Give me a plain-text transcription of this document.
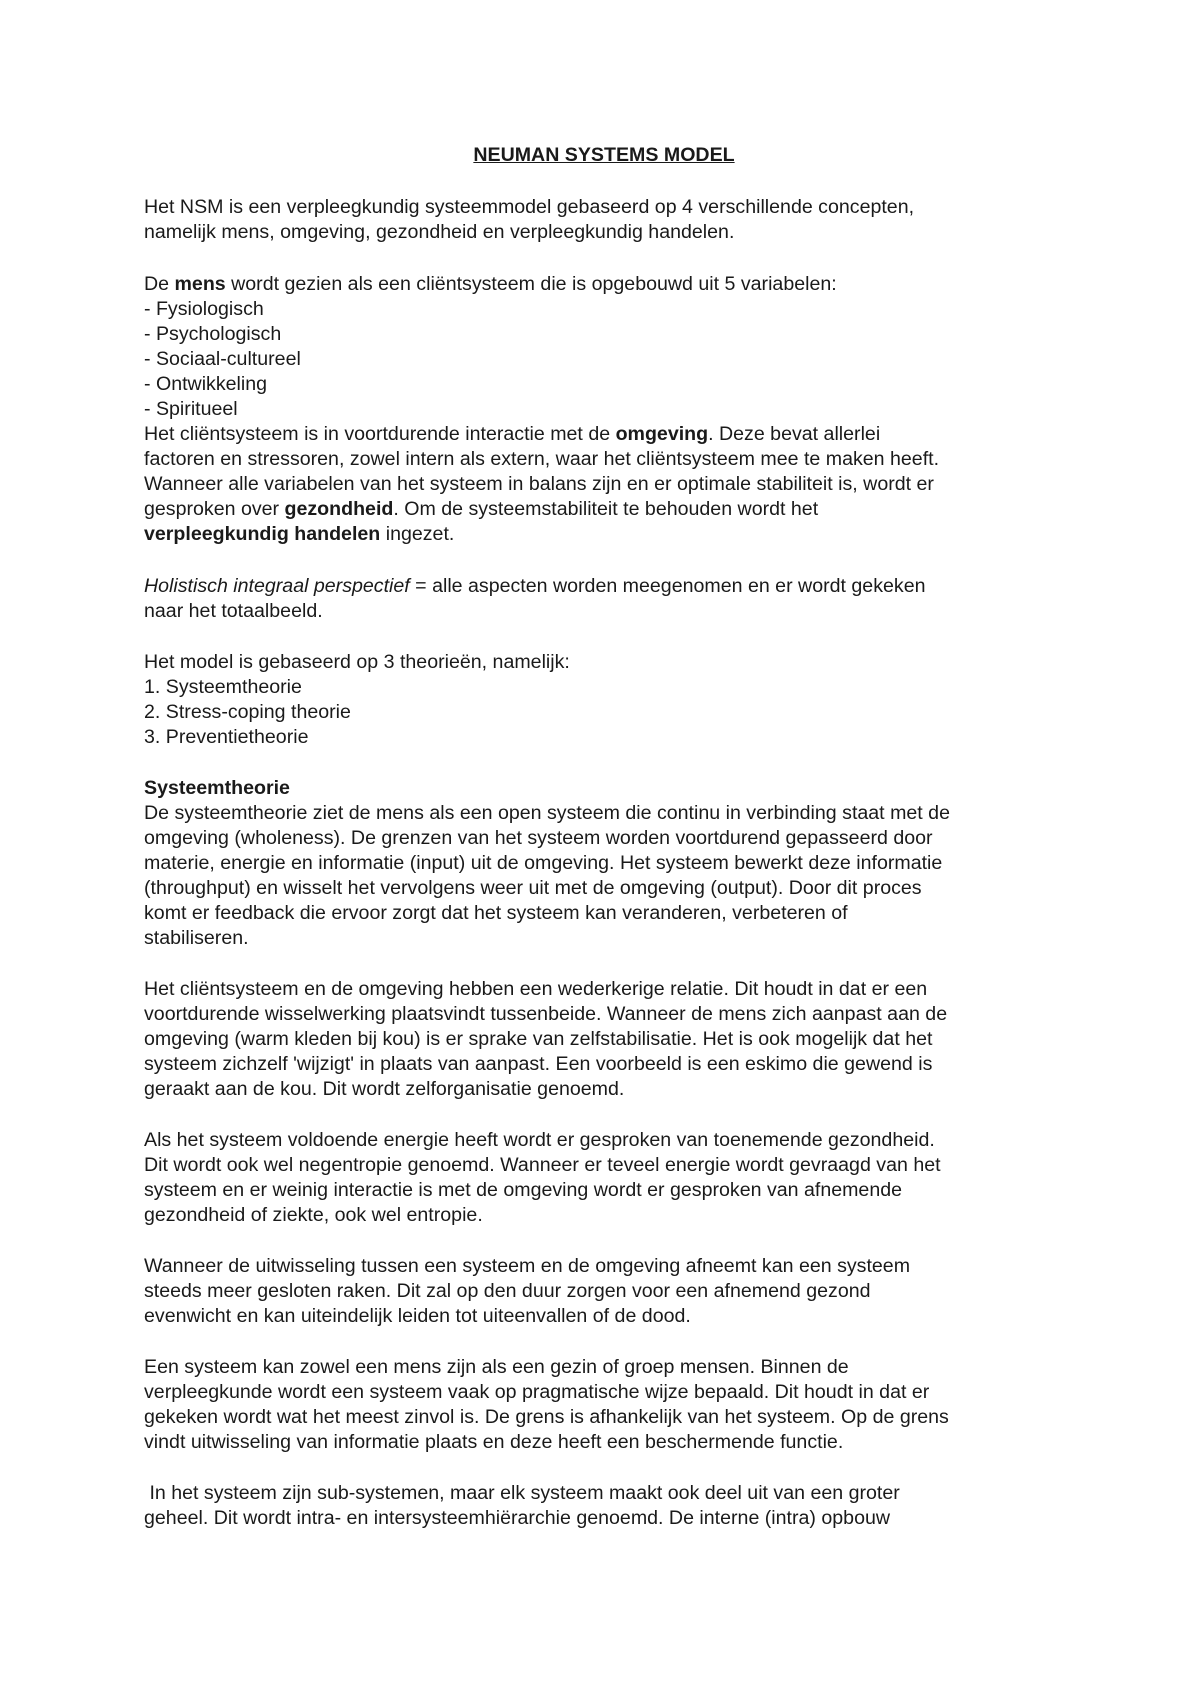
NEUMAN SYSTEMS MODEL
Het NSM is een verpleegkundig systeemmodel gebaseerd op 4 verschillende concepten,
namelijk mens, omgeving, gezondheid en verpleegkundig handelen.
De mens wordt gezien als een cliëntsysteem die is opgebouwd uit 5 variabelen:
- Fysiologisch
- Psychologisch
- Sociaal-cultureel
- Ontwikkeling
- Spiritueel
Het cliëntsysteem is in voortdurende interactie met de omgeving. Deze bevat allerlei
factoren en stressoren, zowel intern als extern, waar het cliëntsysteem mee te maken heeft.
Wanneer alle variabelen van het systeem in balans zijn en er optimale stabiliteit is, wordt er
gesproken over gezondheid. Om de systeemstabiliteit te behouden wordt het
verpleegkundig handelen ingezet.
Holistisch integraal perspectief = alle aspecten worden meegenomen en er wordt gekeken
naar het totaalbeeld.
Het model is gebaseerd op 3 theorieën, namelijk:
1. Systeemtheorie
2. Stress-coping theorie
3. Preventietheorie
Systeemtheorie
De systeemtheorie ziet de mens als een open systeem die continu in verbinding staat met de
omgeving (wholeness). De grenzen van het systeem worden voortdurend gepasseerd door
materie, energie en informatie (input) uit de omgeving. Het systeem bewerkt deze informatie
(throughput) en wisselt het vervolgens weer uit met de omgeving (output). Door dit proces
komt er feedback die ervoor zorgt dat het systeem kan veranderen, verbeteren of
stabiliseren.
Het cliëntsysteem en de omgeving hebben een wederkerige relatie. Dit houdt in dat er een
voortdurende wisselwerking plaatsvindt tussenbeide. Wanneer de mens zich aanpast aan de
omgeving (warm kleden bij kou) is er sprake van zelfstabilisatie. Het is ook mogelijk dat het
systeem zichzelf 'wijzigt' in plaats van aanpast. Een voorbeeld is een eskimo die gewend is
geraakt aan de kou. Dit wordt zelforganisatie genoemd.
Als het systeem voldoende energie heeft wordt er gesproken van toenemende gezondheid.
Dit wordt ook wel negentropie genoemd. Wanneer er teveel energie wordt gevraagd van het
systeem en er weinig interactie is met de omgeving wordt er gesproken van afnemende
gezondheid of ziekte, ook wel entropie.
Wanneer de uitwisseling tussen een systeem en de omgeving afneemt kan een systeem
steeds meer gesloten raken. Dit zal op den duur zorgen voor een afnemend gezond
evenwicht en kan uiteindelijk leiden tot uiteenvallen of de dood.
Een systeem kan zowel een mens zijn als een gezin of groep mensen. Binnen de
verpleegkunde wordt een systeem vaak op pragmatische wijze bepaald. Dit houdt in dat er
gekeken wordt wat het meest zinvol is. De grens is afhankelijk van het systeem. Op de grens
vindt uitwisseling van informatie plaats en deze heeft een beschermende functie.
In het systeem zijn sub-systemen, maar elk systeem maakt ook deel uit van een groter
geheel. Dit wordt intra- en intersysteemhiërarchie genoemd. De interne (intra) opbouw
